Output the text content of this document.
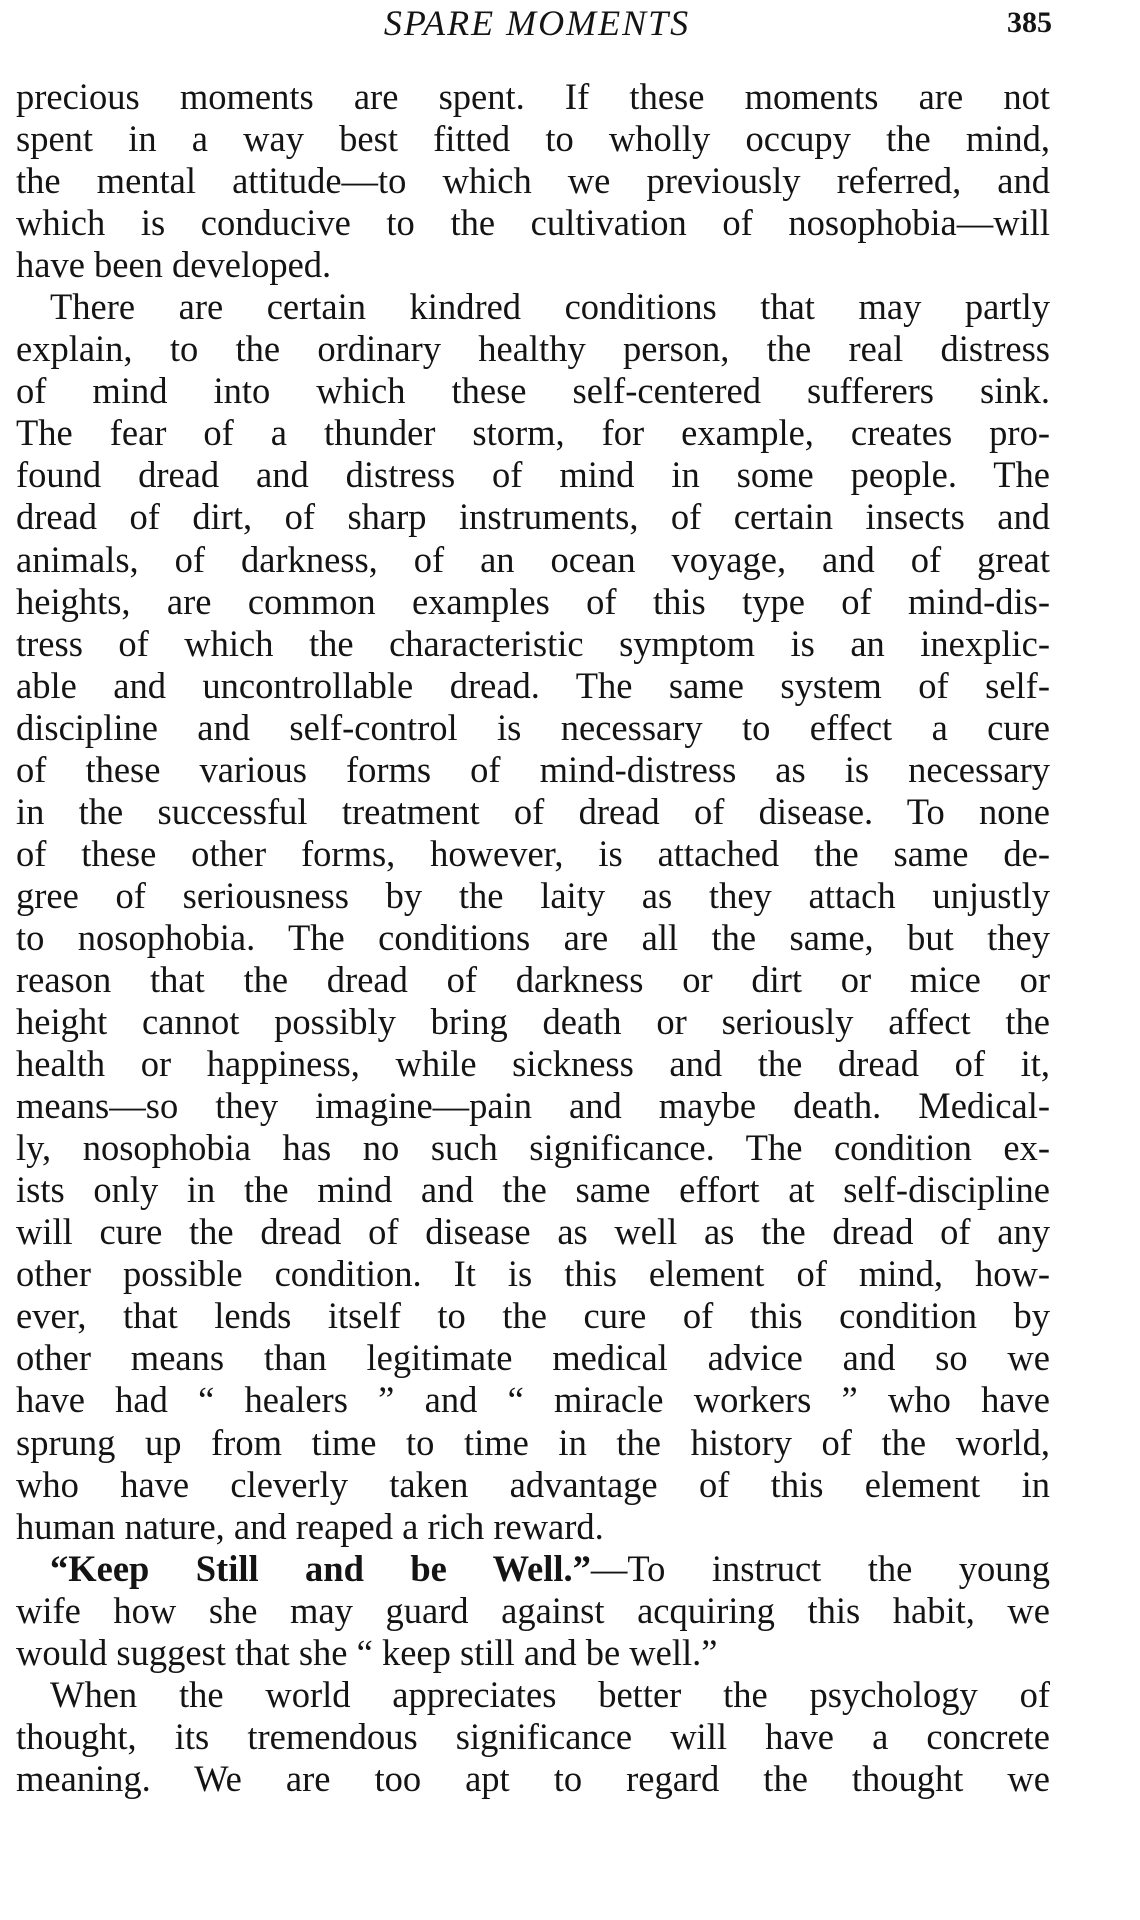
SPARE MOMENTS	385
precious moments are spent. If these moments are not
spent in a way best fitted to wholly occupy the mind,
the mental attitude—to which we previously referred, and
which is conducive to the cultivation of nosophobia—will
have been developed.
There are certain kindred conditions that may partly
explain, to the ordinary healthy person, the real distress
of mind into which these self-centered sufferers sink.
The fear of a thunder storm, for example, creates pro-
found dread and distress of mind in some people. The
dread of dirt, of sharp instruments, of certain insects and
animals, of darkness, of an ocean voyage, and of great
heights, are common examples of this type of mind-dis-
tress of which the characteristic symptom is an inexplic-
able and uncontrollable dread. The same system of self-
discipline and self-control is necessary to effect a cure
of these various forms of mind-distress as is necessary
in the successful treatment of dread of disease. To none
of these other forms, however, is attached the same de-
gree of seriousness by the laity as they attach unjustly
to nosophobia. The conditions are all the same, but they
reason that the dread of darkness or dirt or mice or
height cannot possibly bring death or seriously affect the
health or happiness, while sickness and the dread of it,
means—so they imagine—pain and maybe death. Medical-
ly, nosophobia has no such significance. The condition ex-
ists only in the mind and the same effort at self-discipline
will cure the dread of disease as well as the dread of any
other possible condition. It is this element of mind, how-
ever, that lends itself to the cure of this condition by
other means than legitimate medical advice and so we
have had “ healers ” and “ miracle workers ” who have
sprung up from time to time in the history of the world,
who have cleverly taken advantage of this element in
human nature, and reaped a rich reward.
“Keep Still and be Well.”—To instruct the young
wife how she may guard against acquiring this habit, we
would suggest that she “ keep still and be well.”
When the world appreciates better the psychology of
thought, its tremendous significance will have a concrete
meaning. We are too apt to regard the thought we
